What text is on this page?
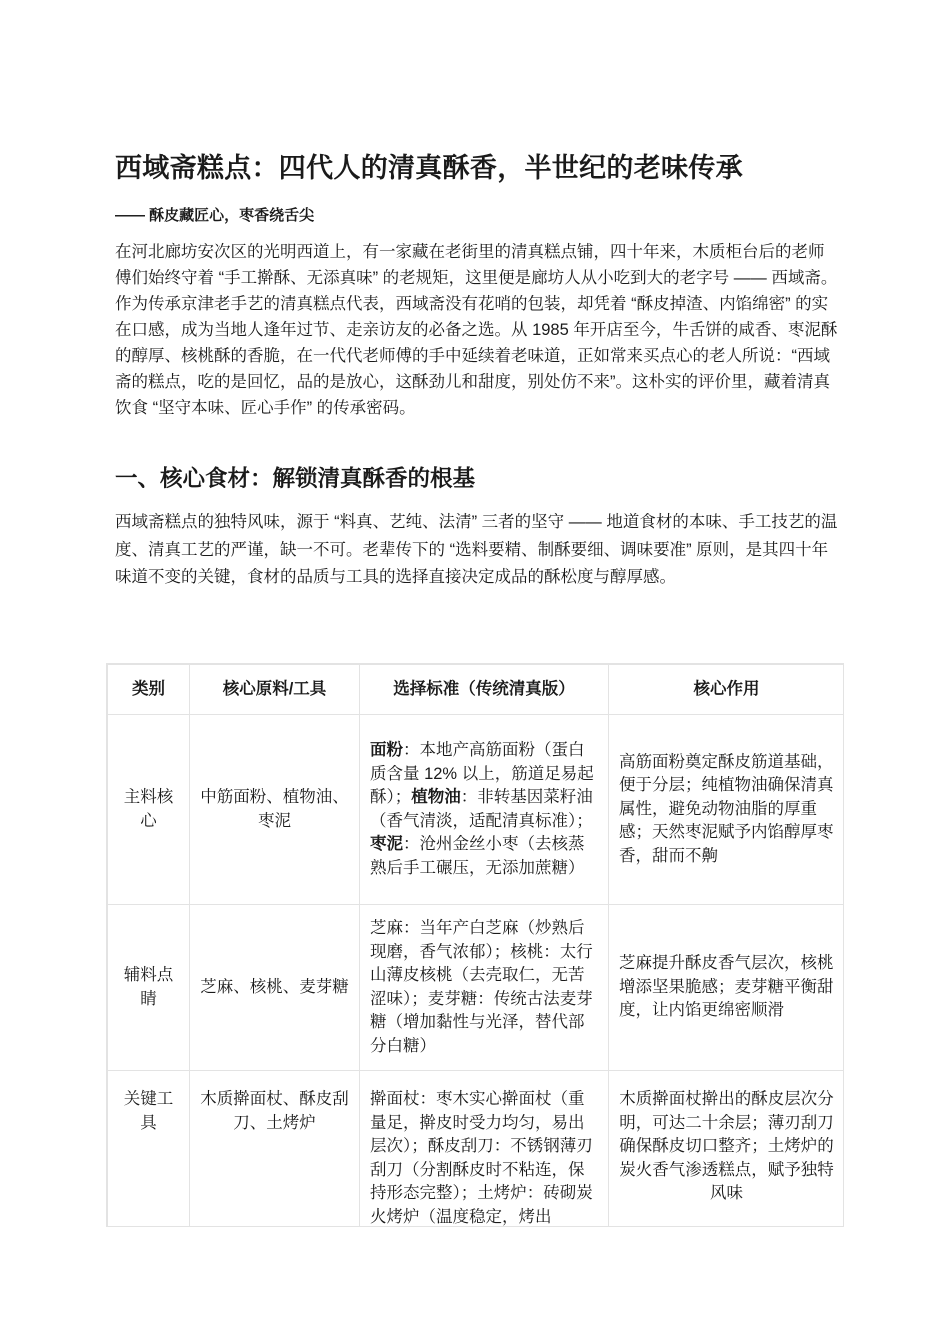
西域斋糕点：四代人的清真酥香，半世纪的老味传承

—— 酥皮藏匠心，枣香绕舌尖

在河北廊坊安次区的光明西道上，有一家藏在老街里的清真糕点铺，四十年来，木质柜台后的老师傅们始终守着 “手工擀酥、无添真味” 的老规矩，这里便是廊坊人从小吃到大的老字号 —— 西域斋。作为传承京津老手艺的清真糕点代表，西域斋没有花哨的包装，却凭着 “酥皮掉渣、内馅绵密” 的实在口感，成为当地人逢年过节、走亲访友的必备之选。从 1985 年开店至今，牛舌饼的咸香、枣泥酥的醇厚、核桃酥的香脆，在一代代老师傅的手中延续着老味道，正如常来买点心的老人所说：“西域斋的糕点，吃的是回忆，品的是放心，这酥劲儿和甜度，别处仿不来”。这朴实的评价里，藏着清真饮食 “坚守本味、匠心手作” 的传承密码。

一、核心食材：解锁清真酥香的根基

西域斋糕点的独特风味，源于 “料真、艺纯、法清” 三者的坚守 —— 地道食材的本味、手工技艺的温度、清真工艺的严谨，缺一不可。老辈传下的 “选料要精、制酥要细、调味要准” 原则，是其四十年味道不变的关键，食材的品质与工具的选择直接决定成品的酥松度与醇厚感。

类别	核心原料/工具	选择标准（传统清真版）	核心作用
主料核心	中筋面粉、植物油、枣泥	面粉：本地产高筋面粉（蛋白质含量 12% 以上，筋道足易起酥）；植物油：非转基因菜籽油（香气清淡，适配清真标准）；枣泥：沧州金丝小枣（去核蒸熟后手工碾压，无添加蔗糖）	高筋面粉奠定酥皮筋道基础，便于分层；纯植物油确保清真属性，避免动物油脂的厚重感；天然枣泥赋予内馅醇厚枣香，甜而不齁
辅料点睛	芝麻、核桃、麦芽糖	芝麻：当年产白芝麻（炒熟后现磨，香气浓郁）；核桃：太行山薄皮核桃（去壳取仁，无苦涩味）；麦芽糖：传统古法麦芽糖（增加黏性与光泽，替代部分白糖）	芝麻提升酥皮香气层次，核桃增添坚果脆感；麦芽糖平衡甜度，让内馅更绵密顺滑
关键工具	木质擀面杖、酥皮刮刀、土烤炉	擀面杖：枣木实心擀面杖（重量足，擀皮时受力均匀，易出层次）；酥皮刮刀：不锈钢薄刃刮刀（分割酥皮时不粘连，保持形态完整）；土烤炉：砖砌炭火烤炉（温度稳定，烤出	木质擀面杖擀出的酥皮层次分明，可达二十余层；薄刃刮刀确保酥皮切口整齐；土烤炉的炭火香气渗透糕点，赋予独特风味
